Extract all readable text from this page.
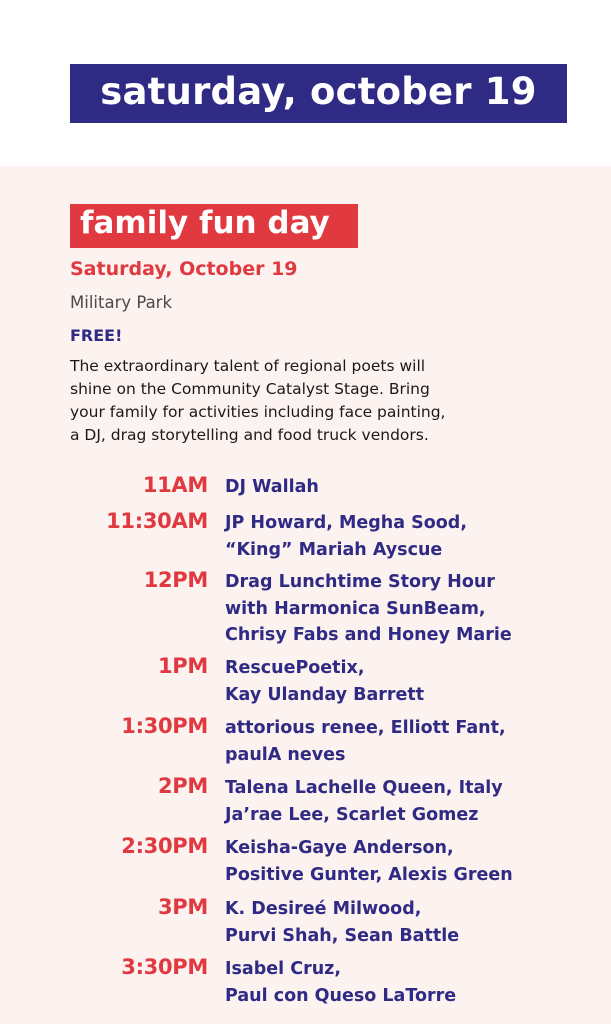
saturday, october 19
family fun day
Saturday, October 19
Military Park
FREE!

The extraordinary talent of regional poets will
shine on the Community Catalyst Stage. Bring
your family for activities including face painting,
a DJ, drag storytelling and food truck vendors.

11AM DJ Wallah
11:30AM JP Howard, Megha Sood,
“King” Mariah Ayscue
12PM Drag Lunchtime Story Hour
with Harmonica SunBeam,
Chrisy Fabs and Honey Marie
1PM RescuePoetix,
Kay Ulanday Barrett
1:30PM attorious renee, Elliott Fant,
paulA neves
2PM Talena Lachelle Queen, Italy
Ja’rae Lee, Scarlet Gomez
2:30PM Keisha-Gaye Anderson,
Positive Gunter, Alexis Green
3PM K. Desireé Milwood,
Purvi Shah, Sean Battle
3:30PM Isabel Cruz,
Paul con Queso LaTorre
